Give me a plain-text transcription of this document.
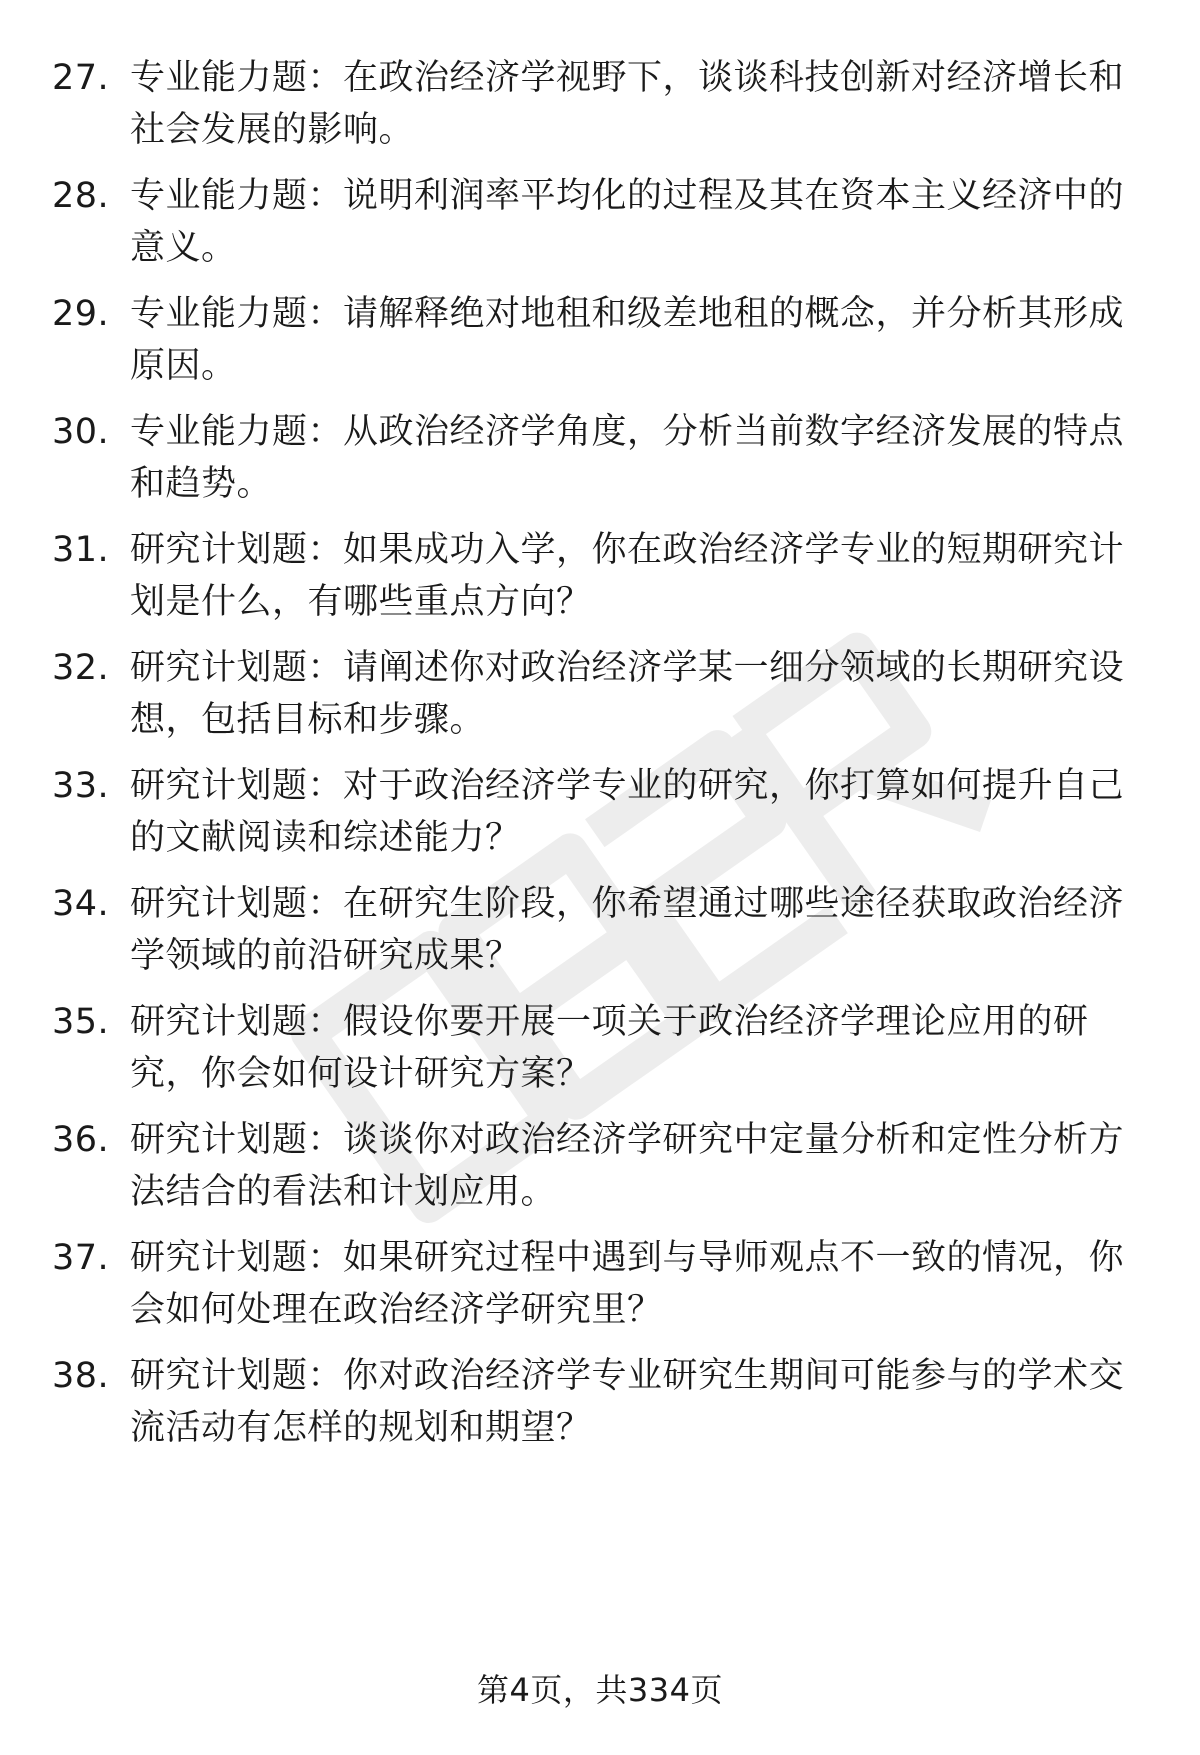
27. 专业能力题：在政治经济学视野下，谈谈科技创新对经济增长和
社会发展的影响。
28. 专业能力题：说明利润率平均化的过程及其在资本主义经济中的
意义。
29. 专业能力题：请解释绝对地租和级差地租的概念，并分析其形成
原因。
30. 专业能力题：从政治经济学角度，分析当前数字经济发展的特点
和趋势。
31. 研究计划题：如果成功入学，你在政治经济学专业的短期研究计
划是什么，有哪些重点方向？
32. 研究计划题：请阐述你对政治经济学某一细分领域的长期研究设
想，包括目标和步骤。
33. 研究计划题：对于政治经济学专业的研究，你打算如何提升自己
的文献阅读和综述能力？
34. 研究计划题：在研究生阶段，你希望通过哪些途径获取政治经济
学领域的前沿研究成果？
35. 研究计划题：假设你要开展一项关于政治经济学理论应用的研
究，你会如何设计研究方案？
36. 研究计划题：谈谈你对政治经济学研究中定量分析和定性分析方
法结合的看法和计划应用。
37. 研究计划题：如果研究过程中遇到与导师观点不一致的情况，你
会如何处理在政治经济学研究里？
38. 研究计划题：你对政治经济学专业研究生期间可能参与的学术交
流活动有怎样的规划和期望？
第4页，共334页
